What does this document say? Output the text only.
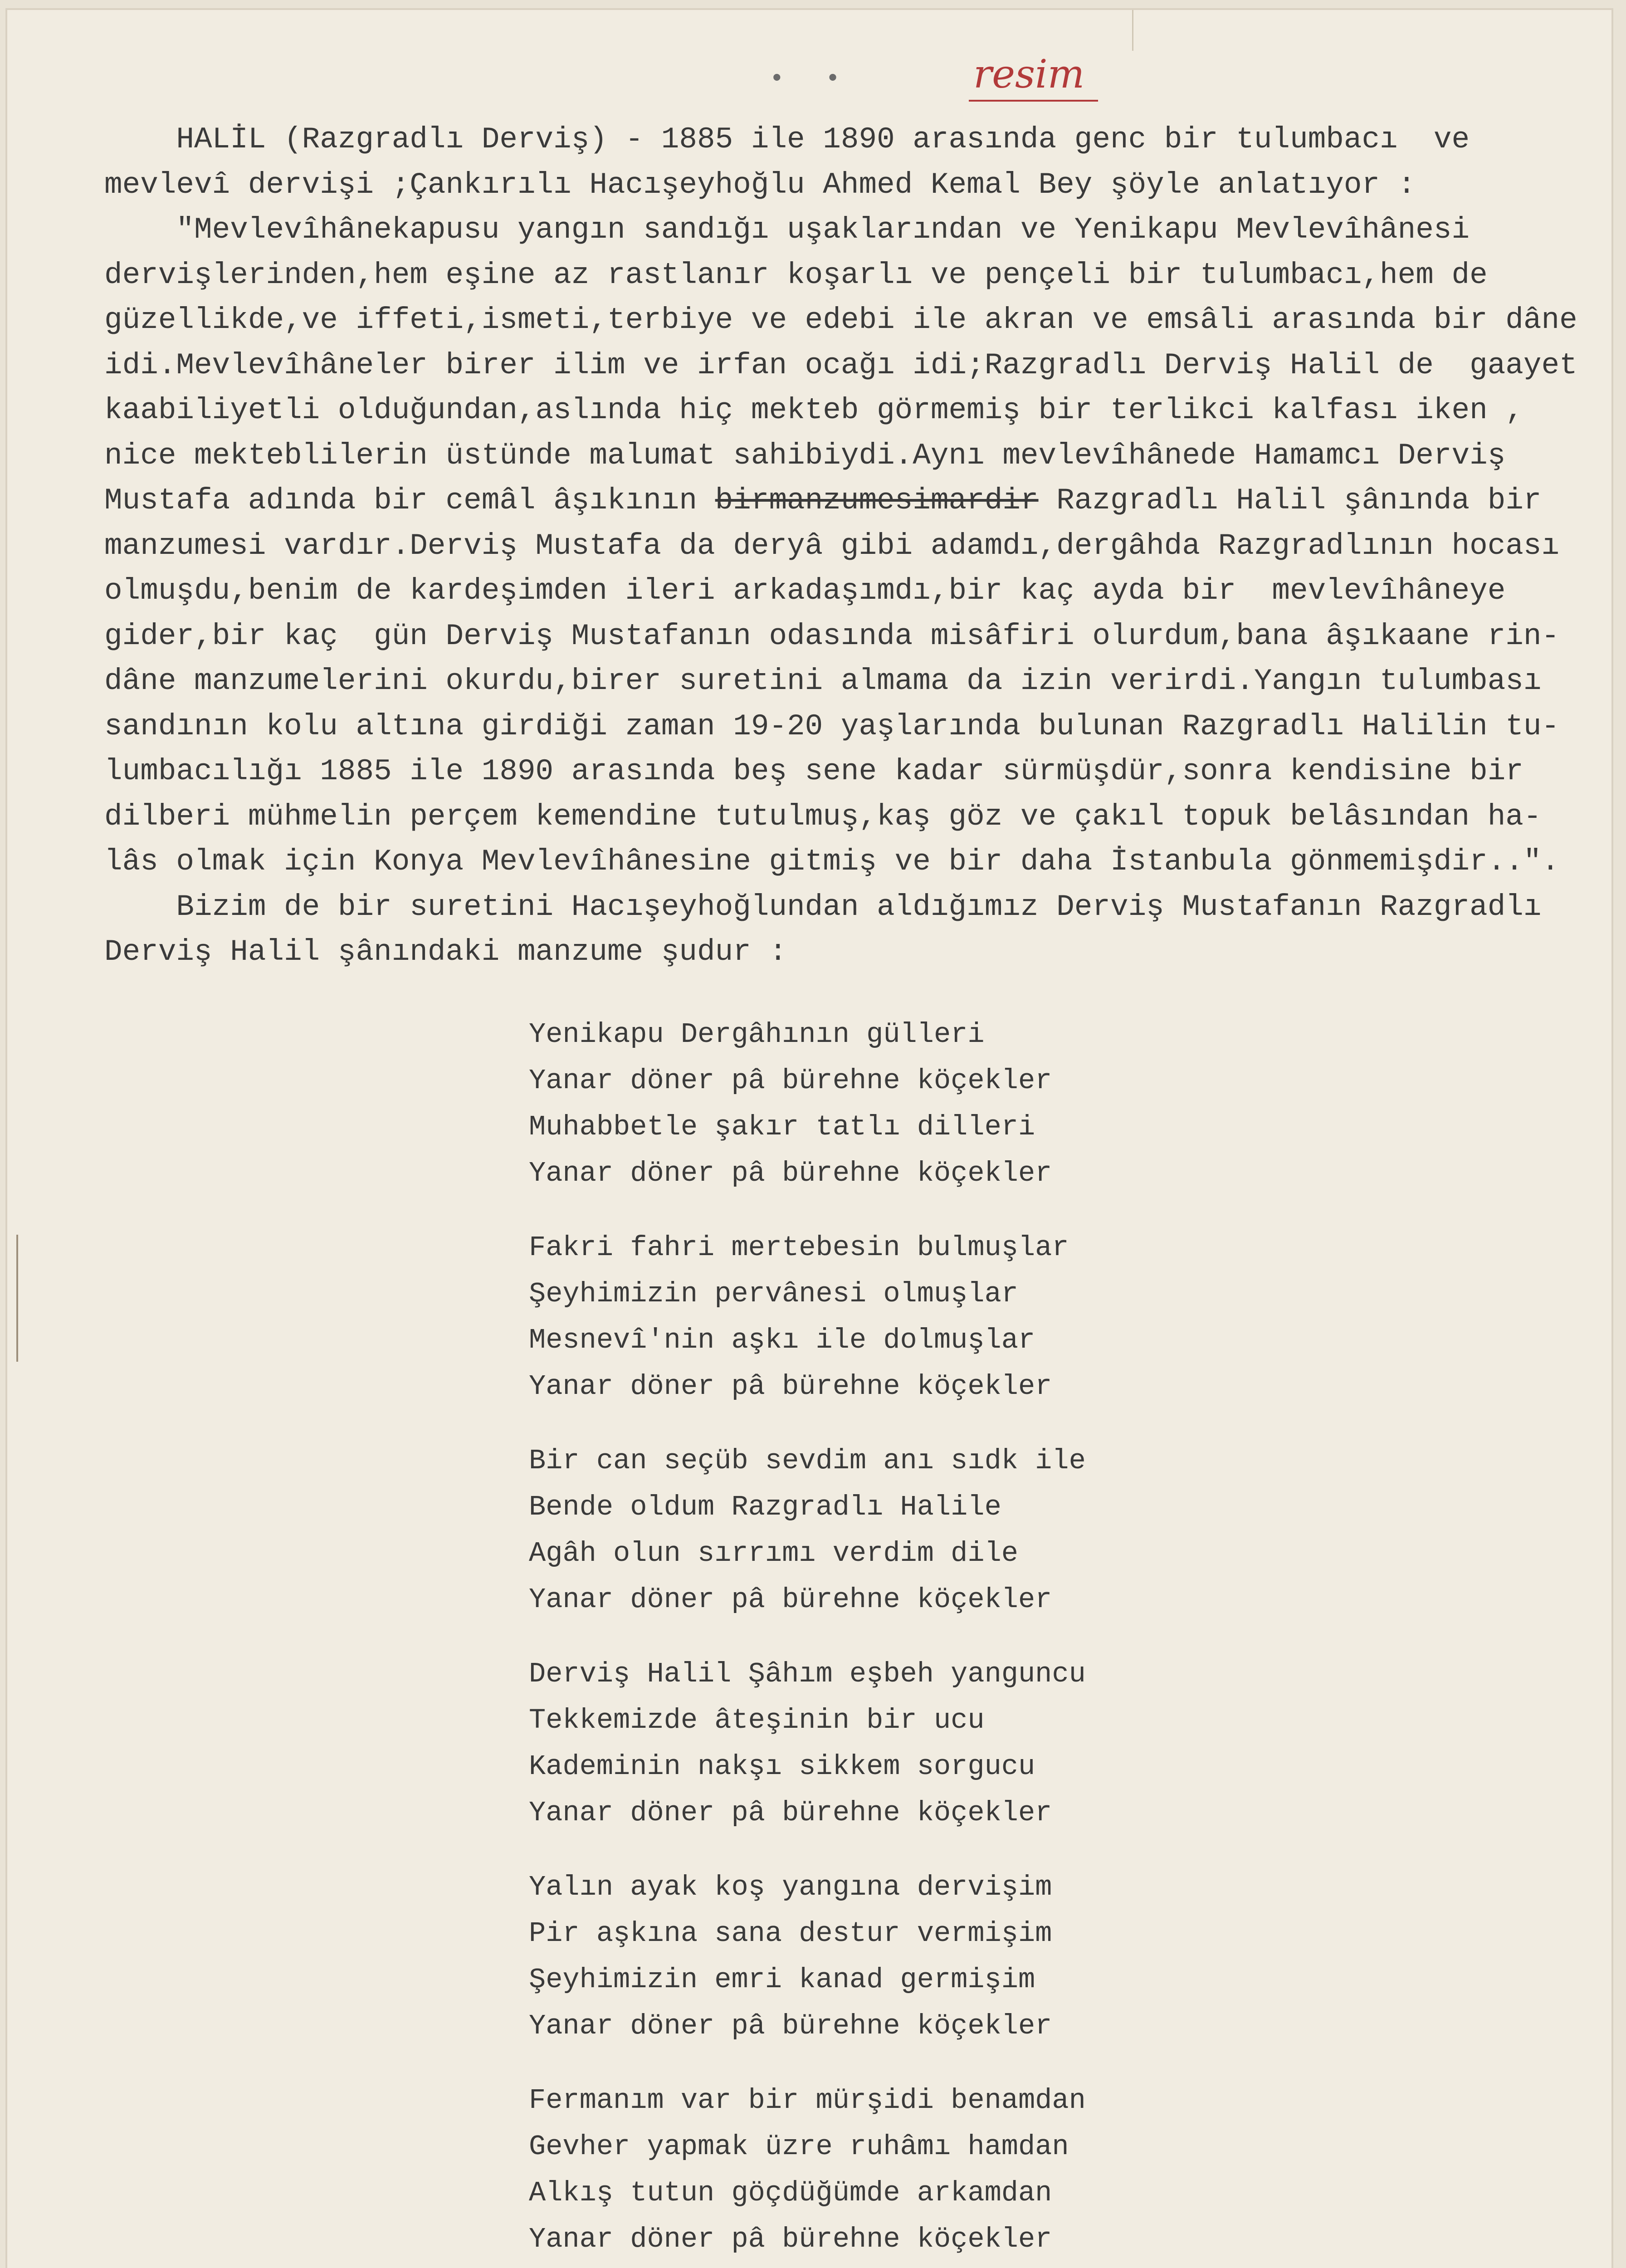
• •	resim
HALİL (Razgradlı Derviş) - 1885 ile 1890 arasında genc bir tulumbacı  ve
mevlevî dervişi ;Çankırılı Hacışeyhoğlu Ahmed Kemal Bey şöyle anlatıyor :
"Mevlevîhânekapusu yangın sandığı uşaklarından ve Yenikapu Mevlevîhânesi
dervişlerinden,hem eşine az rastlanır koşarlı ve pençeli bir tulumbacı,hem de
güzellikde,ve iffeti,ismeti,terbiye ve edebi ile akran ve emsâli arasında bir dâne
idi.Mevlevîhâneler birer ilim ve irfan ocağı idi;Razgradlı Derviş Halil de  gaayet
kaabiliyetli olduğundan,aslında hiç mekteb görmemiş bir terlikci kalfası iken ,
nice mekteblilerin üstünde malumat sahibiydi.Aynı mevlevîhânede Hamamcı Derviş
Mustafa adında bir cemâl âşıkının birmanzumesimardir Razgradlı Halil şânında bir
manzumesi vardır.Derviş Mustafa da deryâ gibi adamdı,dergâhda Razgradlının hocası
olmuşdu,benim de kardeşimden ileri arkadaşımdı,bir kaç ayda bir  mevlevîhâneye
gider,bir kaç  gün Derviş Mustafanın odasında misâfiri olurdum,bana âşıkaane rin-
dâne manzumelerini okurdu,birer suretini almama da izin verirdi.Yangın tulumbası
sandının kolu altına girdiği zaman 19-20 yaşlarında bulunan Razgradlı Halilin tu-
lumbacılığı 1885 ile 1890 arasında beş sene kadar sürmüşdür,sonra kendisine bir
dilberi mühmelin perçem kemendine tutulmuş,kaş göz ve çakıl topuk belâsından ha-
lâs olmak için Konya Mevlevîhânesine gitmiş ve bir daha İstanbula gönmemişdir..".
Bizim de bir suretini Hacışeyhoğlundan aldığımız Derviş Mustafanın Razgradlı
Derviş Halil şânındaki manzume şudur :
Yenikapu Dergâhının gülleri
Yanar döner pâ bürehne köçekler
Muhabbetle şakır tatlı dilleri
Yanar döner pâ bürehne köçekler
Fakri fahri mertebesin bulmuşlar
Şeyhimizin pervânesi olmuşlar
Mesnevî'nin aşkı ile dolmuşlar
Yanar döner pâ bürehne köçekler
Bir can seçüb sevdim anı sıdk ile
Bende oldum Razgradlı Halile
Agâh olun sırrımı verdim dile
Yanar döner pâ bürehne köçekler
Derviş Halil Şâhım eşbeh yanguncu
Tekkemizde âteşinin bir ucu
Kademinin nakşı sikkem sorgucu
Yanar döner pâ bürehne köçekler
Yalın ayak koş yangına dervişim
Pir aşkına sana destur vermişim
Şeyhimizin emri kanad germişim
Yanar döner pâ bürehne köçekler
Fermanım var bir mürşidi benamdan
Gevher yapmak üzre ruhâmı hamdan
Alkış tutun göçdüğümde arkamdan
Yanar döner pâ bürehne köçekler
